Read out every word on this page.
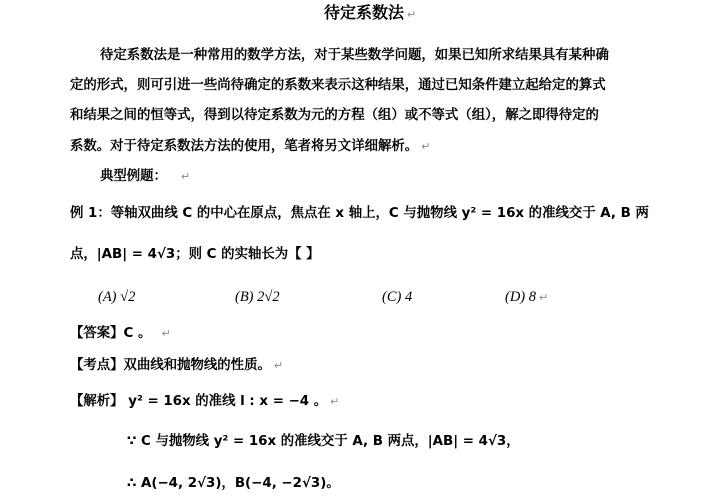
待定系数法 ↵
待定系数法是一种常用的数学方法，对于某些数学问题，如果已知所求结果具有某种确
定的形式，则可引进一些尚待确定的系数来表示这种结果，通过已知条件建立起给定的算式
和结果之间的恒等式，得到以待定系数为元的方程（组）或不等式（组），解之即得待定的
系数。对于待定系数法方法的使用，笔者将另文详细解析。 ↵
典型例题： ↵
例 1：等轴双曲线 C 的中心在原点，焦点在 x 轴上，C 与抛物线 y² = 16x 的准线交于 A, B 两
点，|AB| = 4√3；则 C 的实轴长为【 】
(A) √2	(B) 2√2	(C) 4	(D) 8 ↵
【答案】C 。 ↵
【考点】双曲线和抛物线的性质。 ↵
【解析】 y² = 16x 的准线 l : x = −4 。 ↵
∵ C 与抛物线 y² = 16x 的准线交于 A, B 两点，|AB| = 4√3，
∴ A(−4, 2√3)，B(−4, −2√3)。
